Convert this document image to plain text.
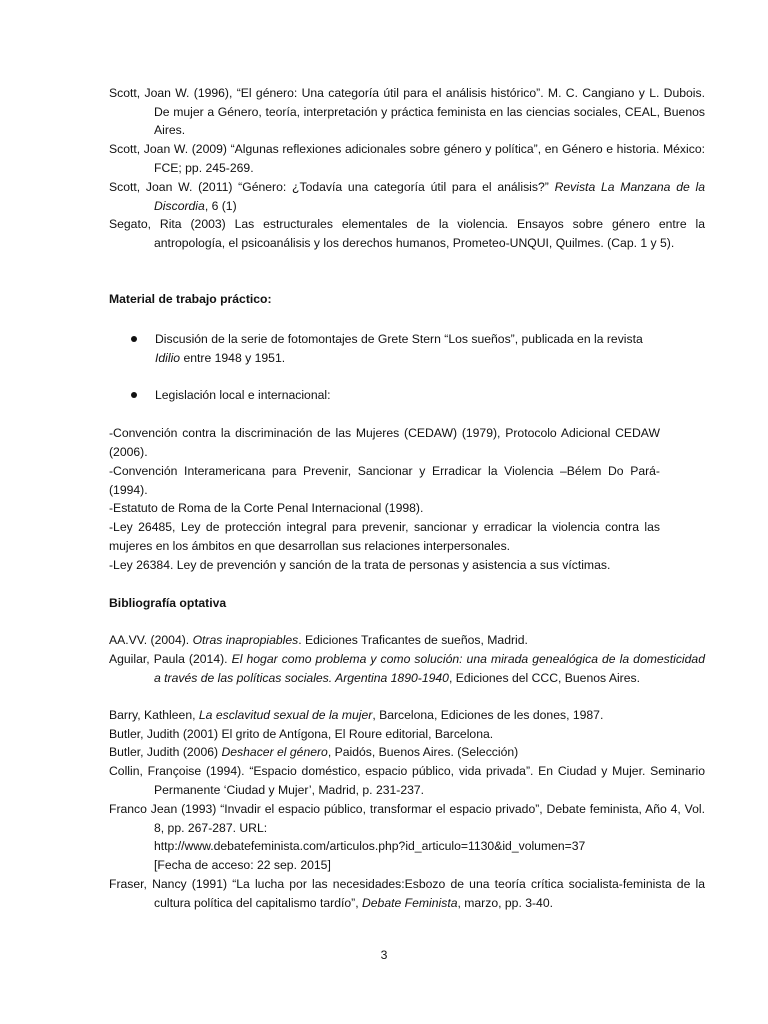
Scott, Joan W. (1996), “El género: Una categoría útil para el análisis histórico”. M. C. Cangiano y L. Dubois. De mujer a Género, teoría, interpretación y práctica feminista en las ciencias sociales, CEAL, Buenos Aires.

Scott, Joan W. (2009) “Algunas reflexiones adicionales sobre género y política”, en Género e historia. México: FCE; pp. 245-269.

Scott, Joan W. (2011) “Género: ¿Todavía una categoría útil para el análisis?” Revista La Manzana de la Discordia, 6 (1)

Segato, Rita (2003) Las estructurales elementales de la violencia. Ensayos sobre género entre la antropología, el psicoanálisis y los derechos humanos, Prometeo-UNQUI, Quilmes. (Cap. 1 y 5).

Material de trabajo práctico:

Discusión de la serie de fotomontajes de Grete Stern “Los sueños”, publicada en la revista Idilio entre 1948 y 1951.

Legislación local e internacional:

-Convención contra la discriminación de las Mujeres (CEDAW) (1979), Protocolo Adicional CEDAW (2006).

-Convención Interamericana para Prevenir, Sancionar y Erradicar la Violencia –Bélem Do Pará- (1994).

-Estatuto de Roma de la Corte Penal Internacional (1998).

-Ley 26485, Ley de protección integral para prevenir, sancionar y erradicar la violencia contra las mujeres en los ámbitos en que desarrollan sus relaciones interpersonales.

-Ley 26384. Ley de prevención y sanción de la trata de personas y asistencia a sus víctimas.

Bibliografía optativa

AA.VV. (2004). Otras inapropiables. Ediciones Traficantes de sueños, Madrid.

Aguilar, Paula (2014). El hogar como problema y como solución: una mirada genealógica de la domesticidad a través de las políticas sociales. Argentina 1890-1940, Ediciones del CCC, Buenos Aires.

Barry, Kathleen, La esclavitud sexual de la mujer, Barcelona, Ediciones de les dones, 1987.

Butler, Judith (2001) El grito de Antígona, El Roure editorial, Barcelona.

Butler, Judith (2006) Deshacer el género, Paidós, Buenos Aires. (Selección)

Collin, Françoise (1994). “Espacio doméstico, espacio público, vida privada”. En Ciudad y Mujer. Seminario Permanente ‘Ciudad y Mujer’, Madrid, p. 231-237.

Franco Jean (1993) “Invadir el espacio público, transformar el espacio privado”, Debate feminista, Año 4, Vol. 8, pp. 267-287. URL:
http://www.debatefeminista.com/articulos.php?id_articulo=1130&id_volumen=37
[Fecha de acceso: 22 sep. 2015]

Fraser, Nancy (1991) “La lucha por las necesidades:Esbozo de una teoría crítica socialista-feminista de la cultura política del capitalismo tardío”, Debate Feminista, marzo, pp. 3-40.

3
